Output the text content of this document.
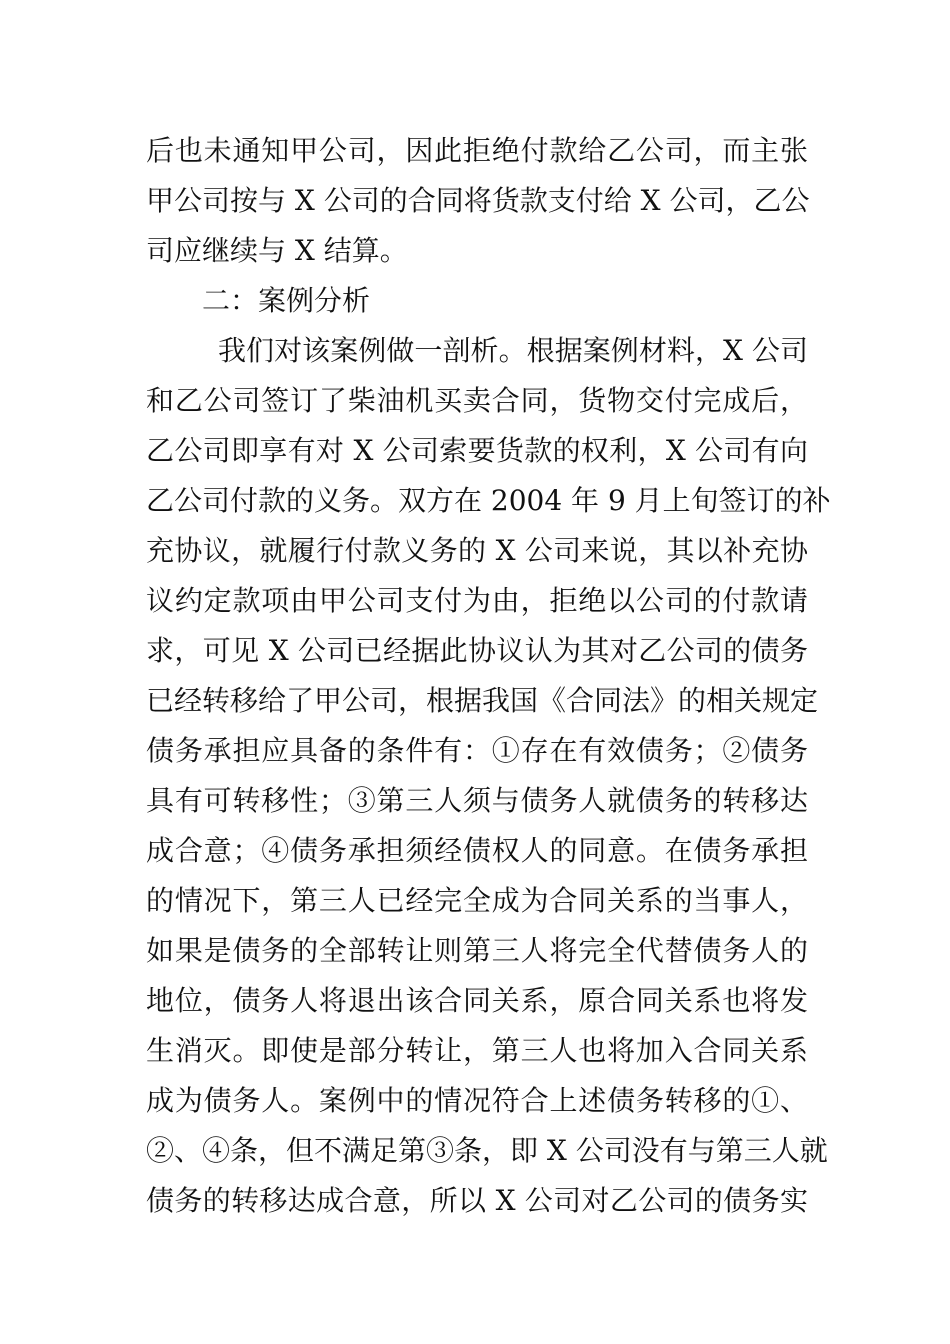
后也未通知甲公司，因此拒绝付款给乙公司，而主张
甲公司按与 X 公司的合同将货款支付给 X 公司，乙公
司应继续与 X 结算。
二：案例分析
我们对该案例做一剖析。根据案例材料，X 公司
和乙公司签订了柴油机买卖合同，货物交付完成后，
乙公司即享有对 X 公司索要货款的权利，X 公司有向
乙公司付款的义务。双方在 2004 年 9 月上旬签订的补
充协议，就履行付款义务的 X 公司来说，其以补充协
议约定款项由甲公司支付为由，拒绝以公司的付款请
求，可见 X 公司已经据此协议认为其对乙公司的债务
已经转移给了甲公司，根据我国《合同法》的相关规定
债务承担应具备的条件有：①存在有效债务；②债务
具有可转移性；③第三人须与债务人就债务的转移达
成合意；④债务承担须经债权人的同意。在债务承担
的情况下，第三人已经完全成为合同关系的当事人，
如果是债务的全部转让则第三人将完全代替债务人的
地位，债务人将退出该合同关系，原合同关系也将发
生消灭。即使是部分转让，第三人也将加入合同关系
成为债务人。案例中的情况符合上述债务转移的①、
②、④条，但不满足第③条，即 X 公司没有与第三人就
债务的转移达成合意，所以 X 公司对乙公司的债务实
